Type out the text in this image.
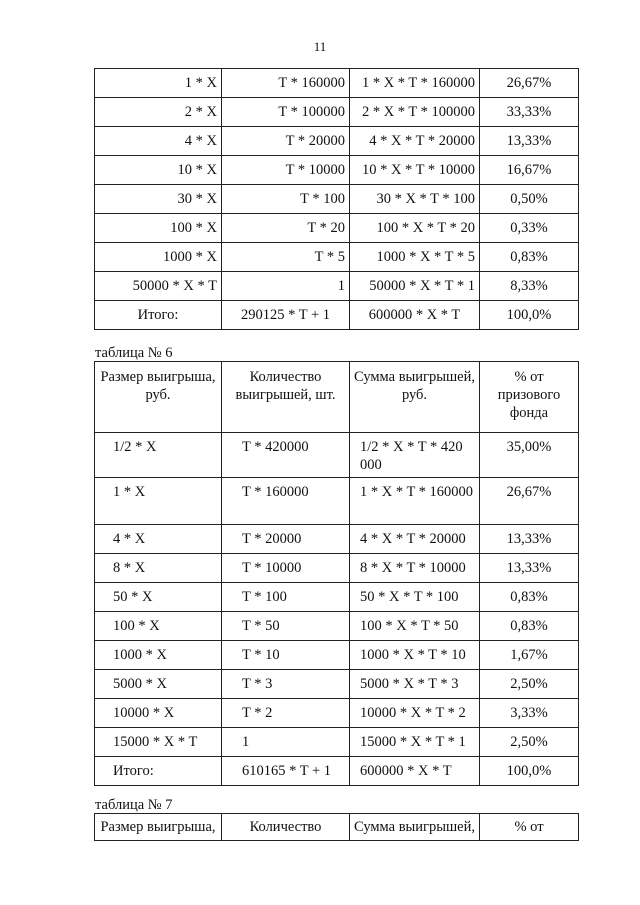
11
1 * X	T * 160000	1 * X * T * 160000	26,67%
2 * X	T * 100000	2 * X * T * 100000	33,33%
4 * X	T * 20000	4 * X * T * 20000	13,33%
10 * X	T * 10000	10 * X * T * 10000	16,67%
30 * X	T * 100	30 * X * T * 100	0,50%
100 * X	T * 20	100 * X * T * 20	0,33%
1000 * X	T * 5	1000 * X * T * 5	0,83%
50000 * X * T	1	50000 * X * T * 1	8,33%
Итого:	290125 * T + 1	600000 * X * T	100,0%
таблица № 6
Размер выигрыша, руб.	Количество выигрышей, шт.	Сумма выигрышей, руб.	% от призового фонда
1/2 * X	T * 420000	1/2 * X * T * 420 000	35,00%
1 * X	T * 160000	1 * X * T * 160000	26,67%
4 * X	T * 20000	4 * X * T * 20000	13,33%
8 * X	T * 10000	8 * X * T * 10000	13,33%
50 * X	T * 100	50 * X * T * 100	0,83%
100 * X	T * 50	100 * X * T * 50	0,83%
1000 * X	T * 10	1000 * X * T * 10	1,67%
5000 * X	T * 3	5000 * X * T * 3	2,50%
10000 * X	T * 2	10000 * X * T * 2	3,33%
15000 * X * T	1	15000 * X * T * 1	2,50%
Итого:	610165 * T + 1	600000 * X * T	100,0%
таблица № 7
Размер выигрыша,	Количество	Сумма выигрышей,	% от
